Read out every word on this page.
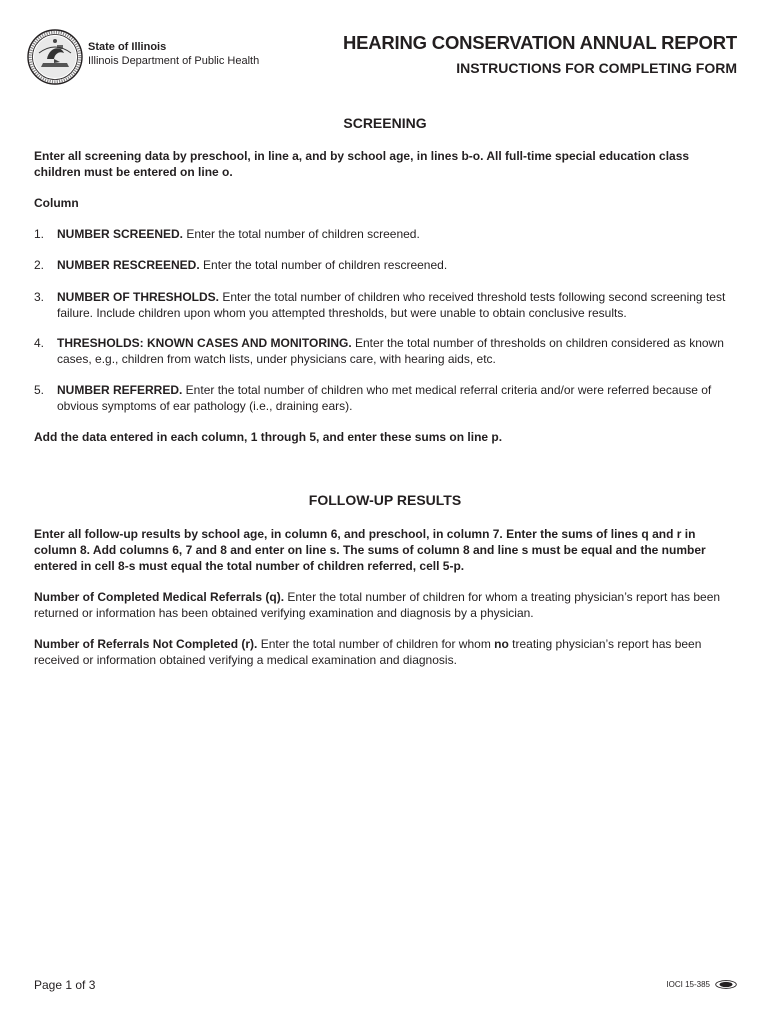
State of Illinois
Illinois Department of Public Health
HEARING CONSERVATION ANNUAL REPORT
INSTRUCTIONS FOR COMPLETING FORM
SCREENING
Enter all screening data by preschool, in line a, and by school age, in lines b-o. All full-time special education class children must be entered on line o.
Column
1. NUMBER SCREENED. Enter the total number of children screened.
2. NUMBER RESCREENED. Enter the total number of children rescreened.
3. NUMBER OF THRESHOLDS. Enter the total number of children who received threshold tests following second screening test failure. Include children upon whom you attempted thresholds, but were unable to obtain conclusive results.
4. THRESHOLDS: KNOWN CASES AND MONITORING. Enter the total number of thresholds on children considered as known cases, e.g., children from watch lists, under physicians care, with hearing aids, etc.
5. NUMBER REFERRED. Enter the total number of children who met medical referral criteria and/or were referred because of obvious symptoms of ear pathology (i.e., draining ears).
Add the data entered in each column, 1 through 5, and enter these sums on line p.
FOLLOW-UP RESULTS
Enter all follow-up results by school age, in column 6, and preschool, in column 7. Enter the sums of lines q and r in column 8. Add columns 6, 7 and 8 and enter on line s. The sums of column 8 and line s must be equal and the number entered in cell 8-s must equal the total number of children referred, cell 5-p.
Number of Completed Medical Referrals (q). Enter the total number of children for whom a treating physician’s report has been returned or information has been obtained verifying examination and diagnosis by a physician.
Number of Referrals Not Completed (r). Enter the total number of children for whom no treating physician’s report has been received or information obtained verifying a medical examination and diagnosis.
Page 1 of 3	IOCI 15-385
